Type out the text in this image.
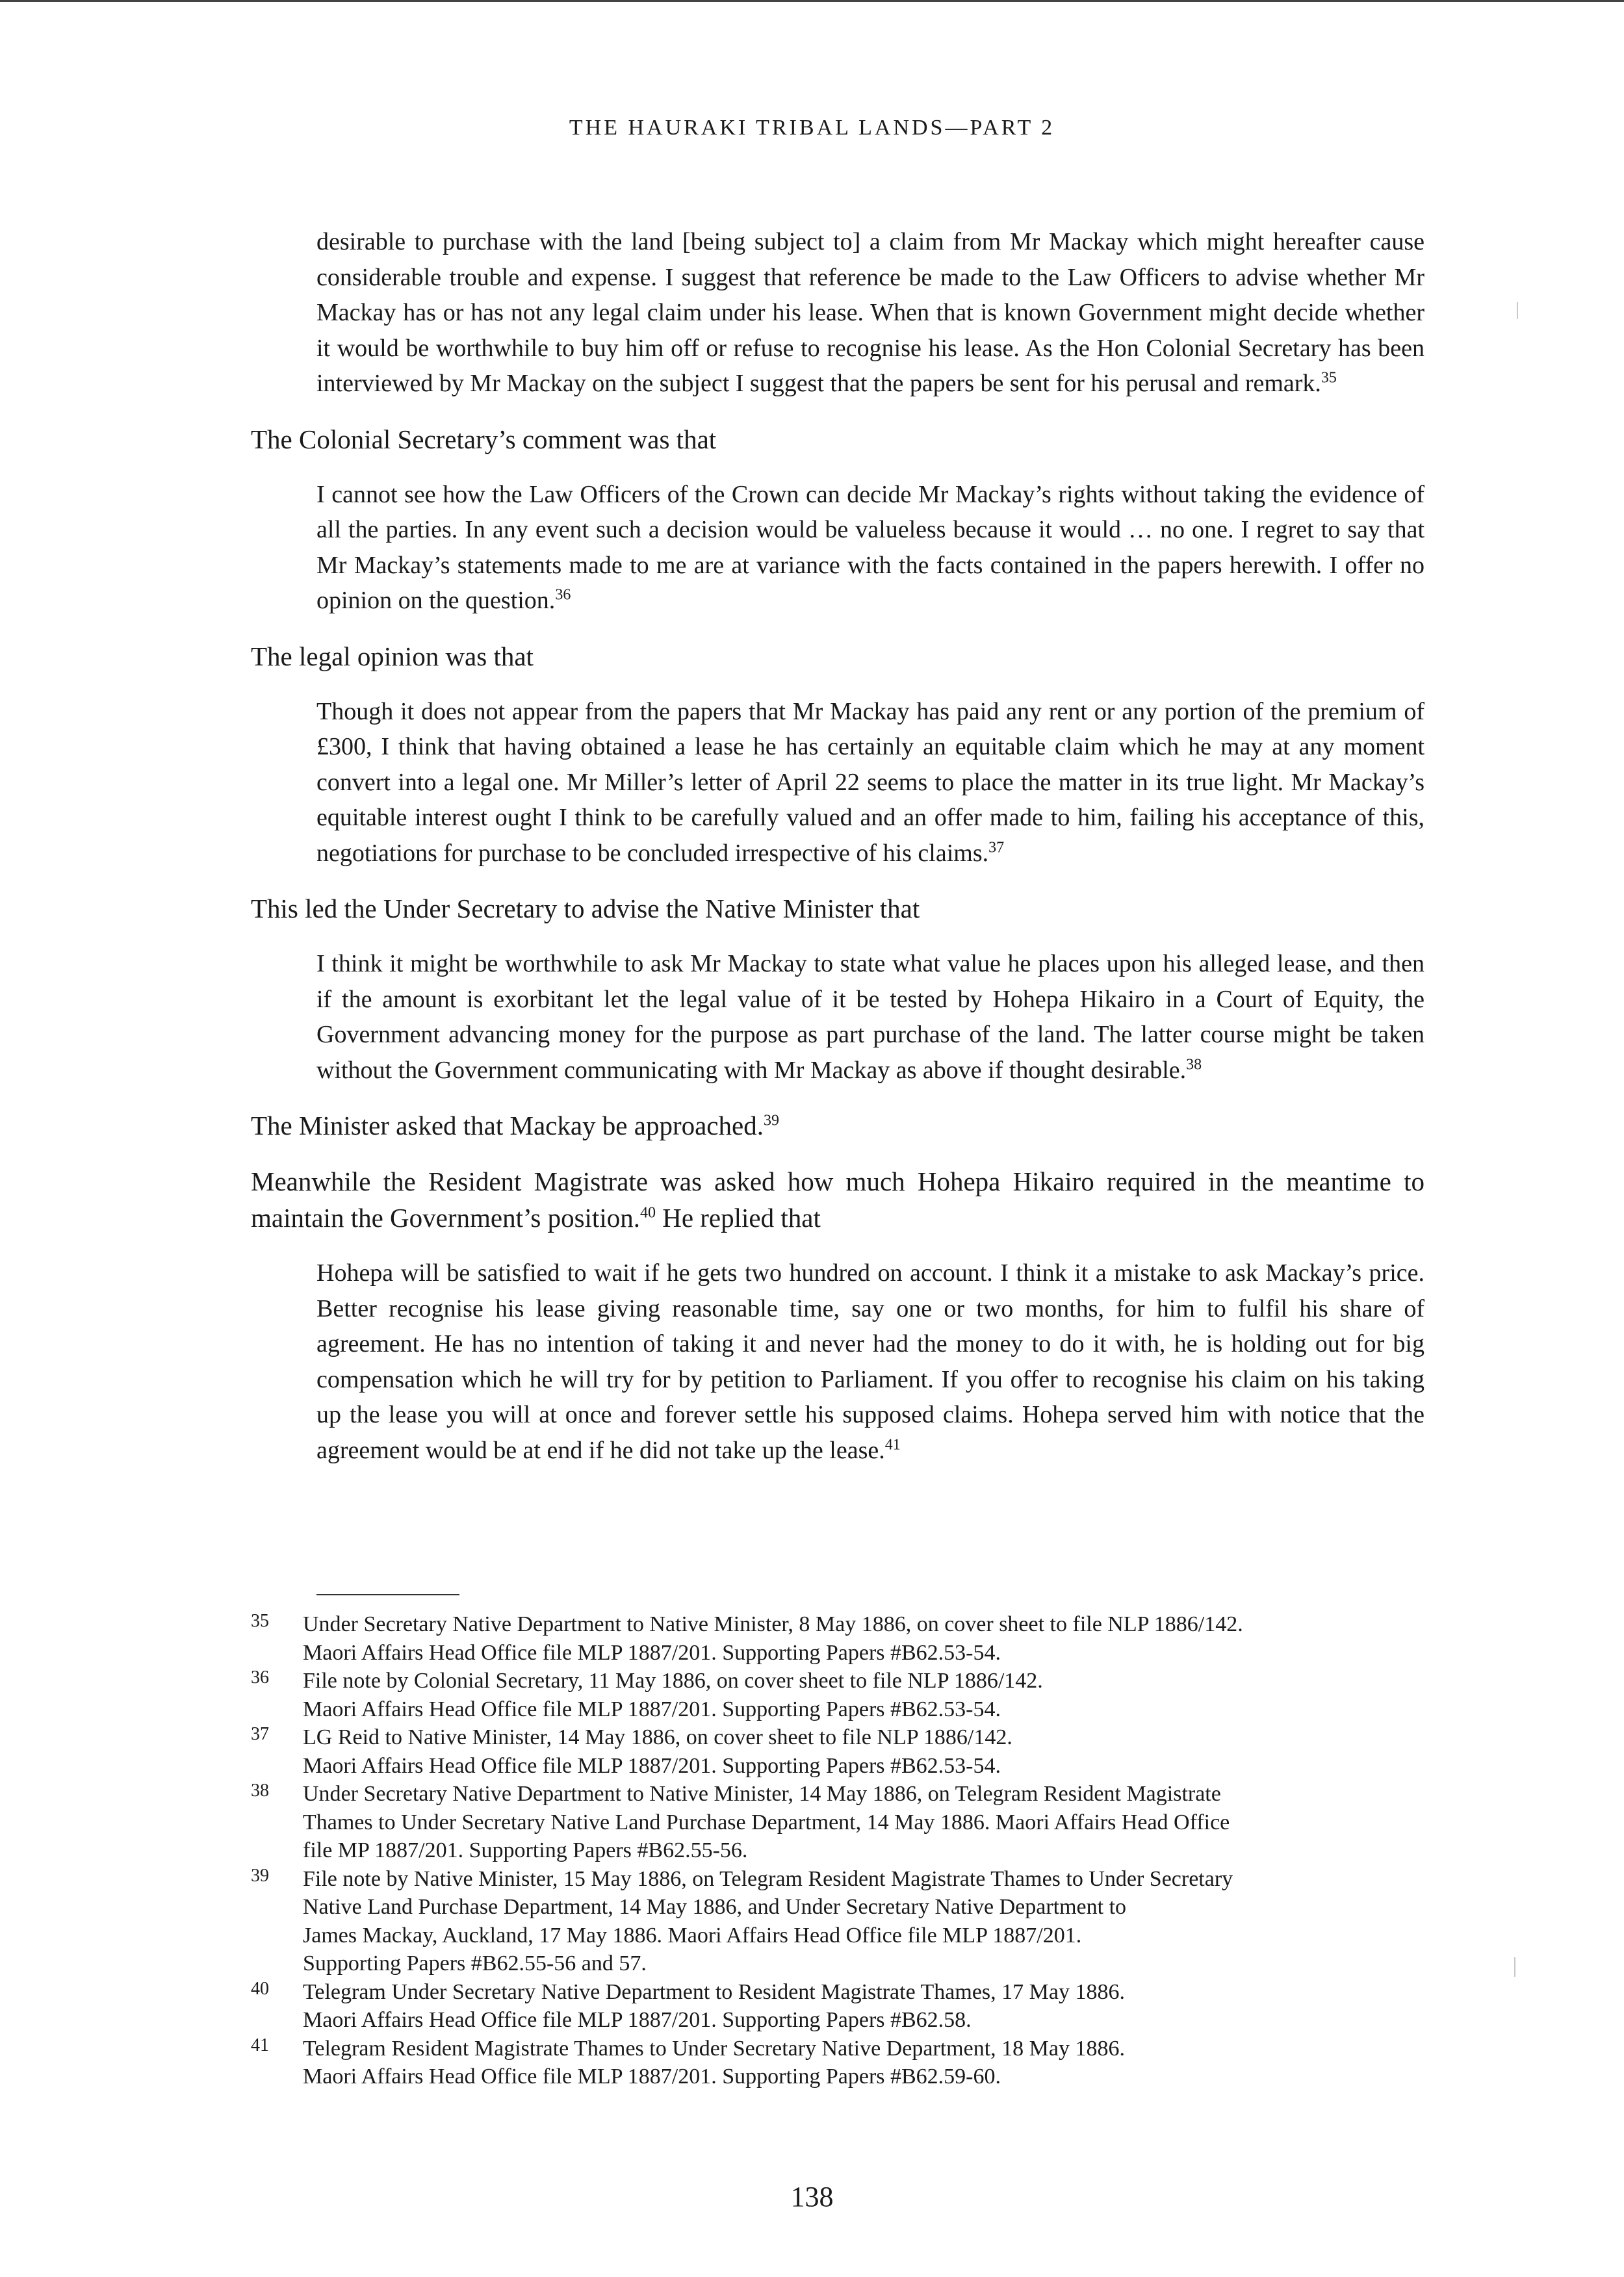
THE HAURAKI TRIBAL LANDS—PART 2

desirable to purchase with the land [being subject to] a claim from Mr Mackay which might hereafter cause considerable trouble and expense. I suggest that reference be made to the Law Officers to advise whether Mr Mackay has or has not any legal claim under his lease. When that is known Government might decide whether it would be worthwhile to buy him off or refuse to recognise his lease. As the Hon Colonial Secretary has been interviewed by Mr Mackay on the subject I suggest that the papers be sent for his perusal and remark.$^{35}$

The Colonial Secretary’s comment was that

I cannot see how the Law Officers of the Crown can decide Mr Mackay’s rights without taking the evidence of all the parties. In any event such a decision would be valueless because it would … no one. I regret to say that Mr Mackay’s statements made to me are at variance with the facts contained in the papers herewith. I offer no opinion on the question.$^{36}$

The legal opinion was that

Though it does not appear from the papers that Mr Mackay has paid any rent or any portion of the premium of £300, I think that having obtained a lease he has certainly an equitable claim which he may at any moment convert into a legal one. Mr Miller’s letter of April 22 seems to place the matter in its true light. Mr Mackay’s equitable interest ought I think to be carefully valued and an offer made to him, failing his acceptance of this, negotiations for purchase to be concluded irrespective of his claims.$^{37}$

This led the Under Secretary to advise the Native Minister that

I think it might be worthwhile to ask Mr Mackay to state what value he places upon his alleged lease, and then if the amount is exorbitant let the legal value of it be tested by Hohepa Hikairo in a Court of Equity, the Government advancing money for the purpose as part purchase of the land. The latter course might be taken without the Government communicating with Mr Mackay as above if thought desirable.$^{38}$

The Minister asked that Mackay be approached.$^{39}$

Meanwhile the Resident Magistrate was asked how much Hohepa Hikairo required in the meantime to maintain the Government’s position.$^{40}$ He replied that

Hohepa will be satisfied to wait if he gets two hundred on account. I think it a mistake to ask Mackay’s price. Better recognise his lease giving reasonable time, say one or two months, for him to fulfil his share of agreement. He has no intention of taking it and never had the money to do it with, he is holding out for big compensation which he will try for by petition to Parliament. If you offer to recognise his claim on his taking up the lease you will at once and forever settle his supposed claims. Hohepa served him with notice that the agreement would be at end if he did not take up the lease.$^{41}$

35	Under Secretary Native Department to Native Minister, 8 May 1886, on cover sheet to file NLP 1886/142.
Maori Affairs Head Office file MLP 1887/201. Supporting Papers #B62.53-54.
36	File note by Colonial Secretary, 11 May 1886, on cover sheet to file NLP 1886/142.
Maori Affairs Head Office file MLP 1887/201. Supporting Papers #B62.53-54.
37	LG Reid to Native Minister, 14 May 1886, on cover sheet to file NLP 1886/142.
Maori Affairs Head Office file MLP 1887/201. Supporting Papers #B62.53-54.
38	Under Secretary Native Department to Native Minister, 14 May 1886, on Telegram Resident Magistrate
Thames to Under Secretary Native Land Purchase Department, 14 May 1886. Maori Affairs Head Office
file MP 1887/201. Supporting Papers #B62.55-56.
39	File note by Native Minister, 15 May 1886, on Telegram Resident Magistrate Thames to Under Secretary
Native Land Purchase Department, 14 May 1886, and Under Secretary Native Department to
James Mackay, Auckland, 17 May 1886. Maori Affairs Head Office file MLP 1887/201.
Supporting Papers #B62.55-56 and 57.
40	Telegram Under Secretary Native Department to Resident Magistrate Thames, 17 May 1886.
Maori Affairs Head Office file MLP 1887/201. Supporting Papers #B62.58.
41	Telegram Resident Magistrate Thames to Under Secretary Native Department, 18 May 1886.
Maori Affairs Head Office file MLP 1887/201. Supporting Papers #B62.59-60.
138
